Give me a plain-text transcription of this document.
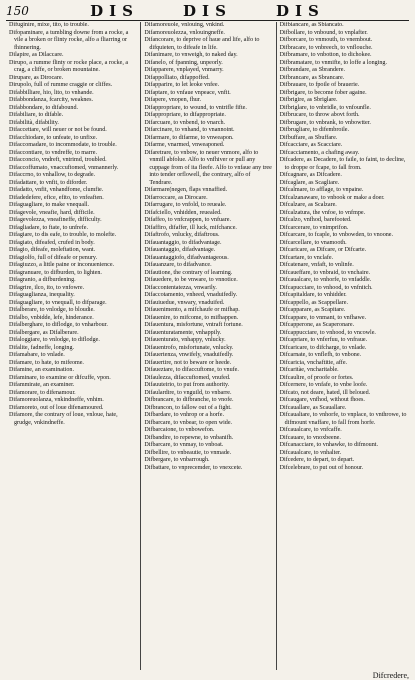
150	DIS	DIS	DIS

Difuginíre, mixe, tito, to trouble.

Difopaminare, a tumbling downe from a rocke, a vile a broken or flinty rocke, alfo a fliarring or fhinnering.

Dilapire, as Dilaccare.

Dirupo, a rumme flinty or rocke place, a rocke, a crag, a cliffe, or broken mountaine.

Dirupare, as Dirocare.

Dirupolo, full of rumme craggie or cliffes.

Difabbilliare, hio, lito, to vnhande.

Difabbondanza, fcarcity, weaknes.

Difabbondare, to difabound.

Difabiliare, to difable.

Difabilità, difability.

Difaccettare, will neuer or not be found.

Difacchiodare, to unfeate, to unfixe.

Difaccomadare, to incommodate, to trouble.

Difaccontiare, to vndreffe, to marre.

Difacconcio, vndreft, vntrimd, troubled.

Difaccoffumato, vnaccuftomed, vnmannerly.

Difaccrno, to vnhallow, to degrade.

Difadattare, to vnfit, to diforder.

Difadatto, vnfit, vnhandfome, clumfie.

Difadedefere, efice, efito, to vnfeaften.

Difaguagliare, to make vnequall.

Difagevole, vneafie, hard, difficile.

Difagevolezza, vneafineffe, difficulty.

Difagliadare, to ftate, to unfrefe.

Difagiare, to dis eafe, to trouble, to molefte.

Difagiato, difeafed, crufed in body.

Difagio, difeafe, moleftation, want.

Difagiolfo, full of difeafe or penury.

Difagiuzzo, a little paine or inconuenience.

Difagranuare, to difburden, to lighten.

Difagranio, a difburdening.

Difagrire, ilco, ito, to vnfowre.

Difaguaglianza, inequality.

Difaguagliare, to vnequall, to difparage.

Difalberare, to vnlodge, to bloudie.

Difalbo, vnbidde, lefe, hinderance.

Difalberghare, to diflodge, to vnharbour.

Difalbergare, as Difalberare.

Difaloggiare, to vnlodge, to diflodge.

Difalite, fadneffe, longing.

Difamabare, to vnlade.

Difamare, to hate, to mifeome.

Difamine, an examination.

Difaminare, to examine or difcuffe, vpon.

Difammirate, an examiner.

Difamorare, to difenamour.

Difamoreuolanza, vnkindneffe, vnhim.

Difamoreto, out of loue difenamoured.

Difamore, the contrary of loue, vnloue, hate, grudge, vnkindneffe.

Difamoreuole, vnlouing, vnkind.

Difamoreuolezza, vnlouingneffe.

Difancorare, to deprive of haue and life, alfo to difquieten, to difeafe in life.

Difanimare, to vnweigh, to naked day.

Difanelo, of fpanning, unpeorly.

Difapparere, vnplayed, vnmarry.

Difappolliato, difappoffed.

Difapparire, to let leoke vnfee.

Difaptare, to vnfaue vnpeace, vnfit.

Difapere, vnopen, fhur.

Difappropriare, to wound, to vntrifle fifte.

Difappropriare, to difappropriate.

Difarcuare, to vnbend, to vnarch.

Difarcinare, to vnhand, to vnannoint.

Difarmare, to difarme, to vnweapon.

Difarme, vnarmed, vnweaponed.

Difaretrare, to vnbow, to neuer vnmore, alfo to vnmill abfolue. Alfo to vnfhiver or pull any cuppage from of ita fleefe. Alfo to vnfaue any tree into tender orflowell, the contrary, alfo of Tendrare.

Difarmare(negen, flaps vnnaffied.

Difarroccare, as Dirocare.

Difarrugare, to vnfold, to reueale.

Difafciello, vnhidden, reuealed.

Difaffeo, to vnfcrappen, to vnfuare.

Difaffiro, difaffer, ill luck, mifchance.

Difaftrofo, vnlucky, difaftrous.

Difauantaggio, to difadvantage.

Difauantaggio, difadvantage.

Difauantaggiofo, difadvantageous.

Difauanzare, to difadvance.

Difautione, the contrary of learning.

Difauedere, to be vnware, to vnnotice.

Difaccontentatezza, vnwarily.

Difaccotamento, vnheed, vnaduifedly.

Difauiuedue, vnwary, vnaduifed.

Difauenimento, a mifchaufe or mifhap.

Difauenire, to mifcome, to mifhappen.

Difauentura, misfortune, vntraft fortune.

Difauenturatamente, vnhappily.

Difauenturato, vnhappy, vnlucky.

Difauentrofo, misfortunate, vnlucky.

Difauertenza, vnwifely, vnaduifedly.

Difauertire, not to beware or heede.

Difaueztare, to difaccuftome, to vnufe.

Difaulezza, difaccuftomed, vnufed.

Difauuteirio, to put from authority.

Difaulardire, to vnguild, to vnbarre.

Difbrancare, to difbranche, to vnofe.

Difbrancon, to fallow out of a fight.

Difbardare, to vnhrop or a horfe.

Difbarcare, to vnbear, to open wide.

Difbarcaione, to vnbowefon.

Difbandire, to repewne, to vnbanifh.

Difbarcare, to vnmay, to vnboat.

Difbellire, to vnbeautie, to vnmade.

Difbergare, to vnbarrough.

Difbattare, to vnprecemder, to vnexcete.

Difbiancare, as Sbiancato.

Difbollare, to vnbound, to vnplafter.

Difborcare, to vnmouth, to vnembout.

Difbracare, to vnbreech, to vnflouche.

Difbramare, to vnbotton, to dichokee.

Difbramatare, to vnmifte, to loffe a longing.

Difbrandare, as Sbrandere.

Difbrancare, as Sbrancare.

Difbrauare, to fpoile of brauerie.

Difbrigare, to become fober againe.

Difbrigire, as Sbriglare.

Difbriglare, to vnbridle, to vnfounfle.

Difbrucare, to throw abovt forth.

Difbrugare, to vnbrank, to vnbowtter.

Difbrugliare, to difembroile.

Difbuffare, as Sbuffare.

Difcacciare, as Scacciare.

Difcacciamento, a chafing away.

Difcadere, as Decadere, to faile, to faint, to decline, to droppe or fcape, to fall from.

Difcagnare, as Difcadere.

Difcaglare, as Scagliare.

Difcalmare, to afflage, to vnpaine.

Difcalzanaware, to vnbook or make a doer.

Difcalzare, as Scalzare.

Difcalzatura, the vnfoe, to vnfmpe.

Difcalzo, vnfhod, barefooted.

Difcarcerare, to vnimprifon.

Difcarcare, to fcaple, to vnbowden, to vnoone.

Difcarcellare, to vnamooth.

Difcaricare, as Difcare, or Difcarte.

Difcartare, to vnclafe.

Difcatenare, vnfaft, to vnlinfe.

Difcaueffare, to vnbraid, to vnchaire.

Difcaualcare, to vnhorfe, to vnfaddle.

Difcapucciare, to vnhood, to vnfnitch.

Difcapitaldare, to vnhidder.

Difcappello, as Scappellare.

Difcapparare, as Scapitare.

Difcappare, to vnmant, to vnfhawe.

Difcapperone, as Scaperonare.

Difcappucciare, to vnhood, to vncowle.

Difcapriare, to vnferfuu, to vnfraue.

Difcaricare, to difcharge, to vnlade.

Difcarnate, to vnflefh, to vnbone.

Difcaricia, vnchaftitie, affe.

Difcaritàe, vncharitable.

Difcaulire, of proofe or fortes.

Difcernere, to vnfafe, to vnbe loofe.

Difcato, not deare, hated, ill beloued.

Difcaugare, vnfhod, without fhoes.

Difcauallare, as Scauallare.

Difcaualtare, to vnhorfe, to vnplace, to vnthrowe, to difmount vnaffare, to fall from horfe.

Difcaualcare, to vnfcaffe.

Difcauare, to vnoxbeene.

Difcanacciare, to vnhawke, to difmount.

Difcaualcare, to vnhalter.

Difcedere, to depart, to depart.

Difcelebrare, to put out of honour.

Difcredere,
